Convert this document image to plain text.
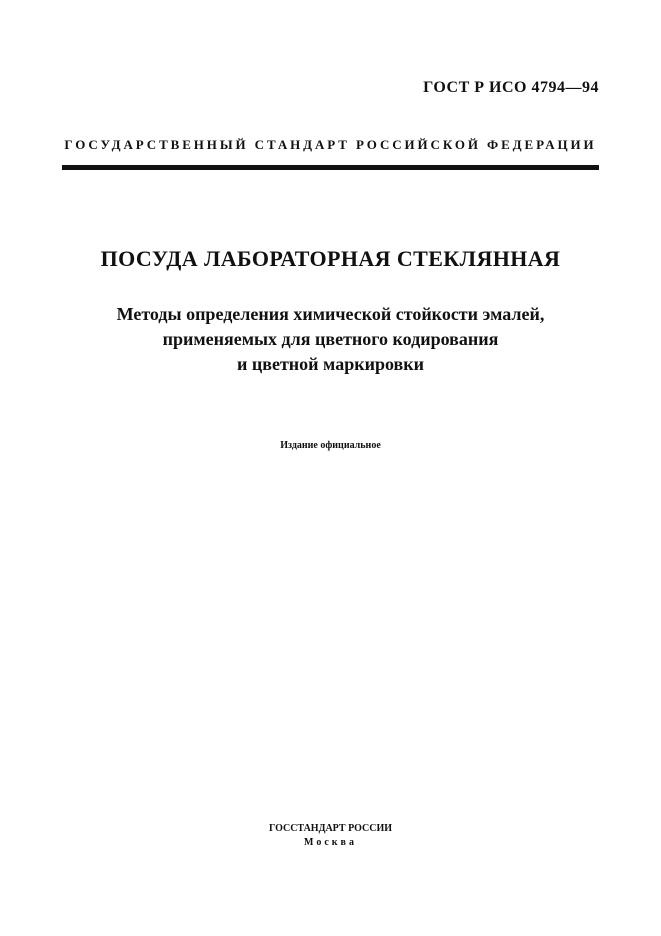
ГОСТ Р ИСО 4794—94
ГОСУДАРСТВЕННЫЙ СТАНДАРТ РОССИЙСКОЙ ФЕДЕРАЦИИ
ПОСУДА ЛАБОРАТОРНАЯ СТЕКЛЯННАЯ
Методы определения химической стойкости эмалей,
применяемых для цветного кодирования
и цветной маркировки
Издание официальное
ГОССТАНДАРТ РОССИИ
Москва
